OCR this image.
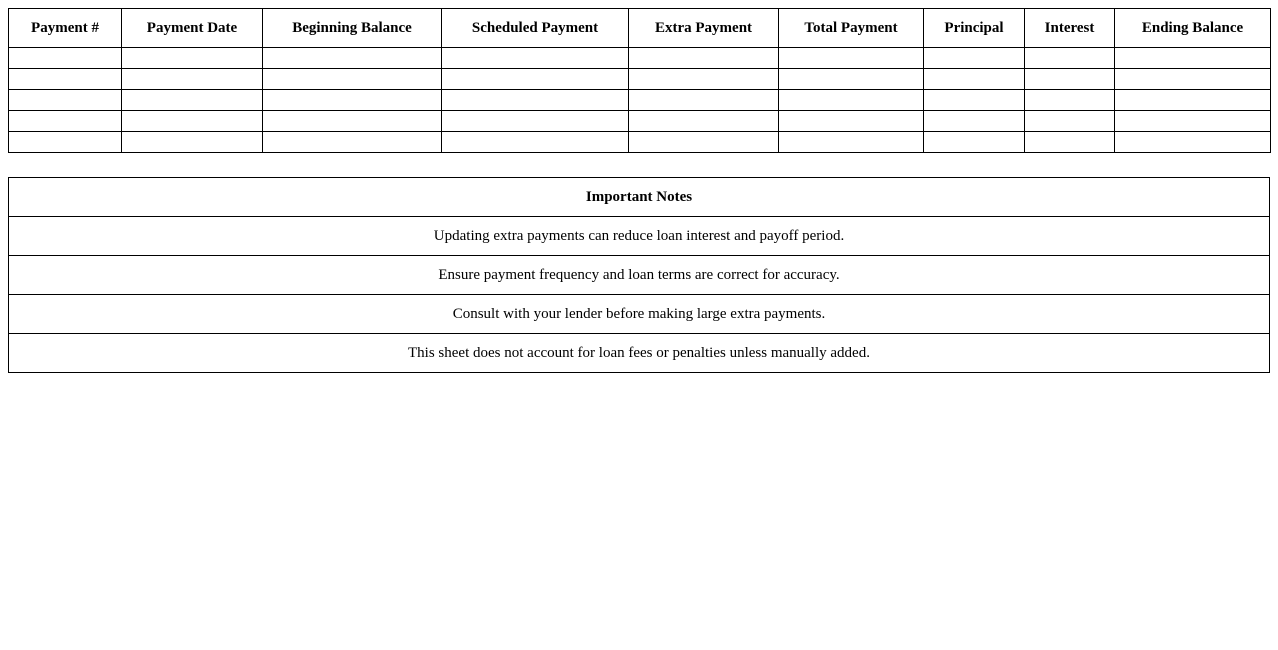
Payment #	Payment Date	Beginning Balance	Scheduled Payment	Extra Payment	Total Payment	Principal	Interest	Ending Balance

Important Notes
Updating extra payments can reduce loan interest and payoff period.
Ensure payment frequency and loan terms are correct for accuracy.
Consult with your lender before making large extra payments.
This sheet does not account for loan fees or penalties unless manually added.
